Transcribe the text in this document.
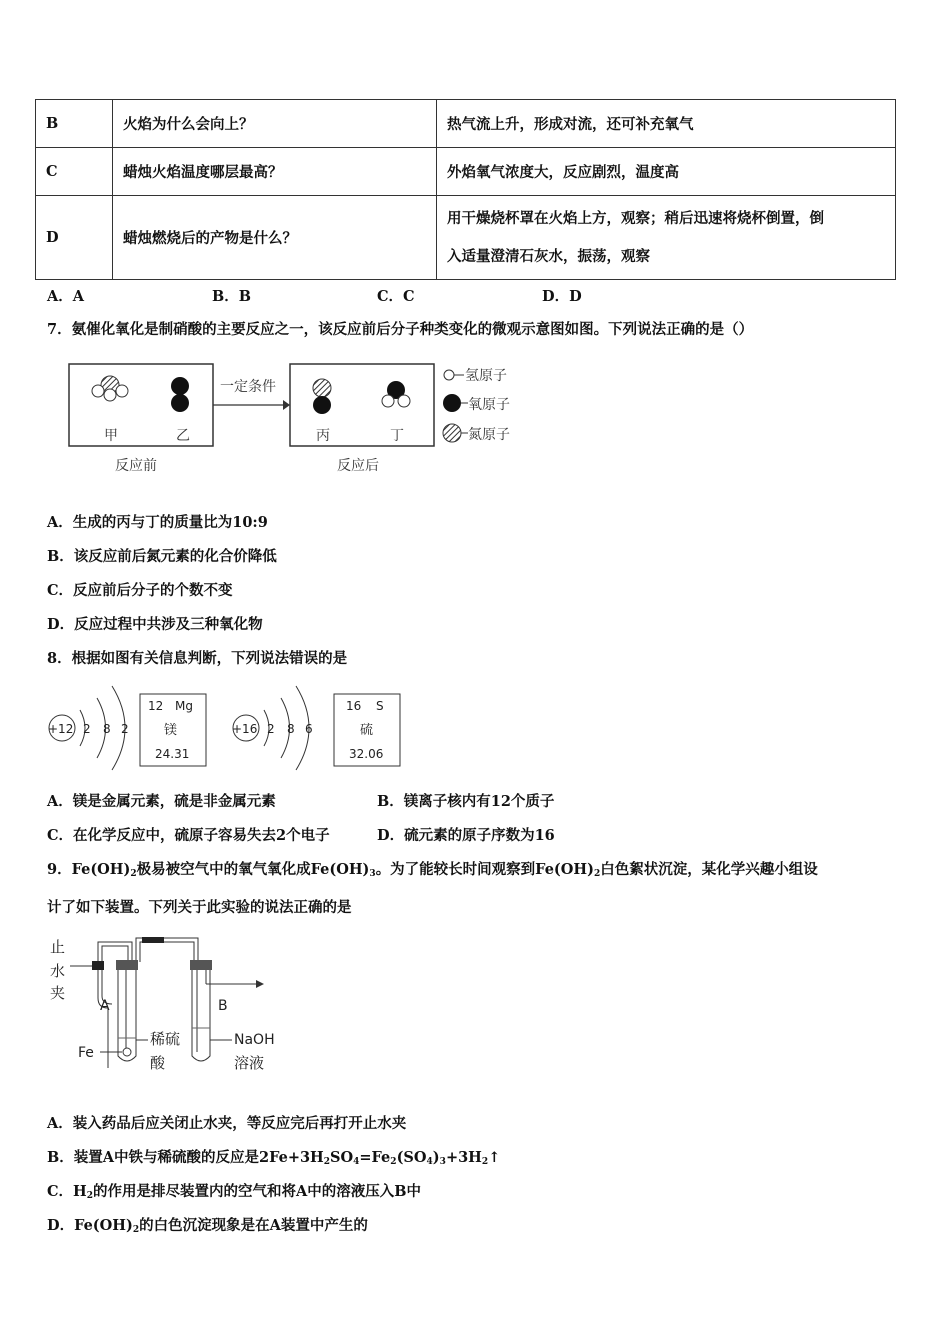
B	火焰为什么会向上？	热气流上升，形成对流，还可补充氧气
C	蜡烛火焰温度哪层最高？	外焰氧气浓度大，反应剧烈，温度高
D	蜡烛燃烧后的产物是什么？	用干燥烧杯罩在火焰上方，观察；稍后迅速将烧杯倒置，倒
入适量澄清石灰水，振荡，观察
A．A	B．B	C．C	D．D
7．氨催化氧化是制硝酸的主要反应之一，该反应前后分子种类变化的微观示意图如图。下列说法正确的是（）
甲	乙
一定条件
丙	丁
反应前	反应后
氢原子
氧原子
氮原子
A．生成的丙与丁的质量比为10:9
B．该反应前后氮元素的化合价降低
C．反应前后分子的个数不变
D．反应过程中共涉及三种氧化物
8．根据如图有关信息判断，下列说法错误的是
+12 2 8 2
12 Mg
镁
24.31
+16 2 8 6
16 S
硫
32.06
A．镁是金属元素，硫是非金属元素	B．镁离子核内有12个质子
C．在化学反应中，硫原子容易失去2个电子	D．硫元素的原子序数为16
9．$Fe(OH)_2$极易被空气中的氧气氧化成$Fe(OH)_3$。为了能较长时间观察到$Fe(OH)_2$白色絮状沉淀，某化学兴趣小组设
计了如下装置。下列关于此实验的说法正确的是
止
水
夹
A
Fe
稀硫
酸
B
NaOH
溶液
A．装入药品后应关闭止水夹，等反应完后再打开止水夹
B．装置A中铁与稀硫酸的反应是$2Fe+3H_2SO_4=Fe_2(SO_4)_3+3H_2↑$
C．$H_2$的作用是排尽装置内的空气和将A中的溶液压入B中
D．$Fe(OH)_2$的白色沉淀现象是在A装置中产生的
